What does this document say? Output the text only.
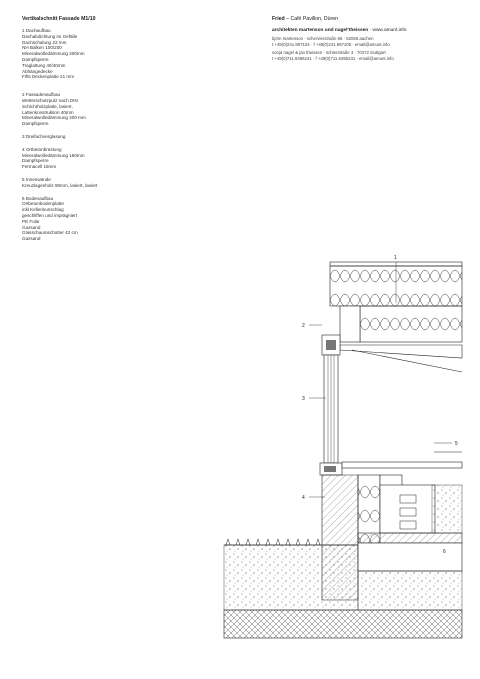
Vertikalschnitt Fassade M1/10
1 Dachaufbau
Dachabdichtung im Gefälle
Dachschalung 22 mm
NH Balken 100/200
Mineralwolledämmung 200mm
Dampfsperre
Traglattung 40/40mm
Abhängedecke
Fifts Deckenplatte 21 mm
2 Fassadenaufbau
Wetterschutzputz nach DIN
Schichtholzplatte, lasiert,
Lattenkonstruktion 40mm
Mineralwolledämmung 200 mm
Dampfsperre
3 Dreifachverglasung
4 Ortbetonbrüstung
Mineralwolledämmung 160mm
Dampfsperre
Fermacell 15mm
5 Innenwände
Kreuzlagenholz 90mm, lasiert, lasiert
6 Bodenaufbau
Ortbetonbodenplatte
inkl Kellerisunschlag
geschliffen und imprägniert
PE Folie
Gazsand
Glasschaumschotter 42 cm
Gazsand
Fried – Café Pavillon, Düren
architekten martenson und nagel’theissen · www.amunt.info
björn martenson · schervierstraße 66 · 52066 aachen
t +49(0)241.997104 · f +49(0)241.997105 · email@amunt.info
sonja nagel & jan theissen · schlerstraße 3 · 70372 stuttgart
t +49(0)711.8496241 · f +49(0)711.8496231 · email@amunt.info
1
2
3
4
5
6
